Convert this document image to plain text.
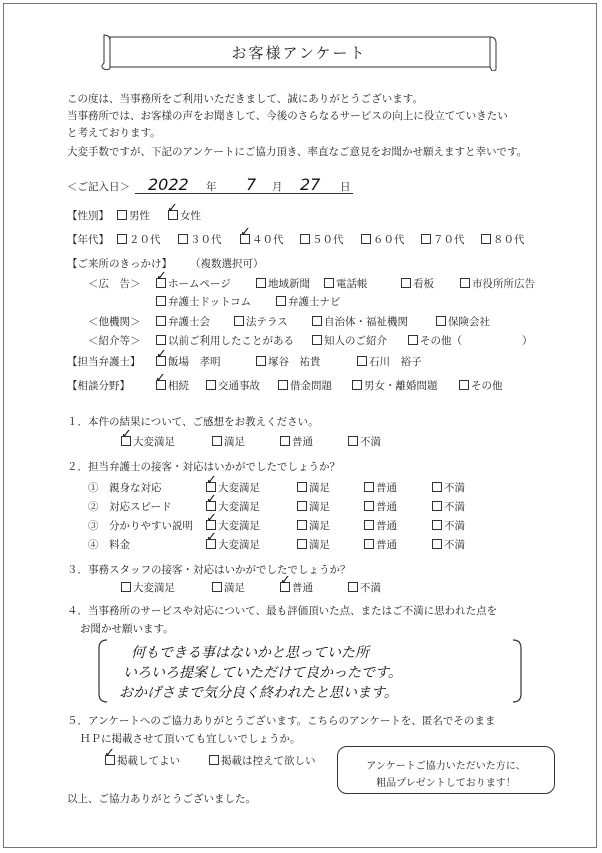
お客様アンケート
この度は、当事務所をご利用いただきまして、誠にありがとうございます。
当事務所では、お客様の声をお聞きして、今後のさらなるサービスの向上に役立てていきたい
と考えております。
大変手数ですが、下記のアンケートにご協力頂き、率直なご意見をお聞かせ願えますと幸いです。
＜ご記入日＞ 2022 年 7 月 27 日
【性別】	男性	女性
✓
【年代】	２０代	３０代	４０代	５０代	６０代	７０代	８０代
✓
【ご来所のきっかけ】 （複数選択可）
＜広　告＞	ホームページ	地域新聞	電話帳	看板	市役所所広告
✓
弁護士ドットコム	弁護士ナビ
＜他機関＞	弁護士会	法テラス	自治体・福祉機関	保険会社
＜紹介等＞	以前ご利用したことがある	知人のご紹介	その他（	）
【担当弁護士】	飯場　孝明	塚谷　祐貴	石川　裕子
✓
【相談分野】	相続	交通事故	借金問題	男女・離婚問題	その他
✓
１．本件の結果について、ご感想をお教えください。
大変満足	満足	普通	不満
✓
２．担当弁護士の接客・対応はいかがでしたでしょうか？
①　親身な対応	大変満足	満足	普通	不満
✓
②　対応スピード	大変満足	満足	普通	不満
✓
③　分かりやすい説明	大変満足	満足	普通	不満
✓
④　料金	大変満足	満足	普通	不満
✓
３．事務スタッフの接客・対応はいかがでしたでしょうか？
大変満足	満足	普通	不満
✓
４．当事務所のサービスや対応について、最も評価頂いた点、またはご不満に思われた点を
お聞かせ願います。
何もできる事はないかと思っていた所
いろいろ提案していただけて良かったです。
おかげさまで気分良く終われたと思います。
５．アンケートへのご協力ありがとうございます。こちらのアンケートを、匿名でそのまま
ＨＰに掲載させて頂いても宜しいでしょうか。
掲載してよい	掲載は控えて欲しい
✓
アンケートご協力いただいた方に、
粗品プレゼントしております！
以上、ご協力ありがとうございました。
